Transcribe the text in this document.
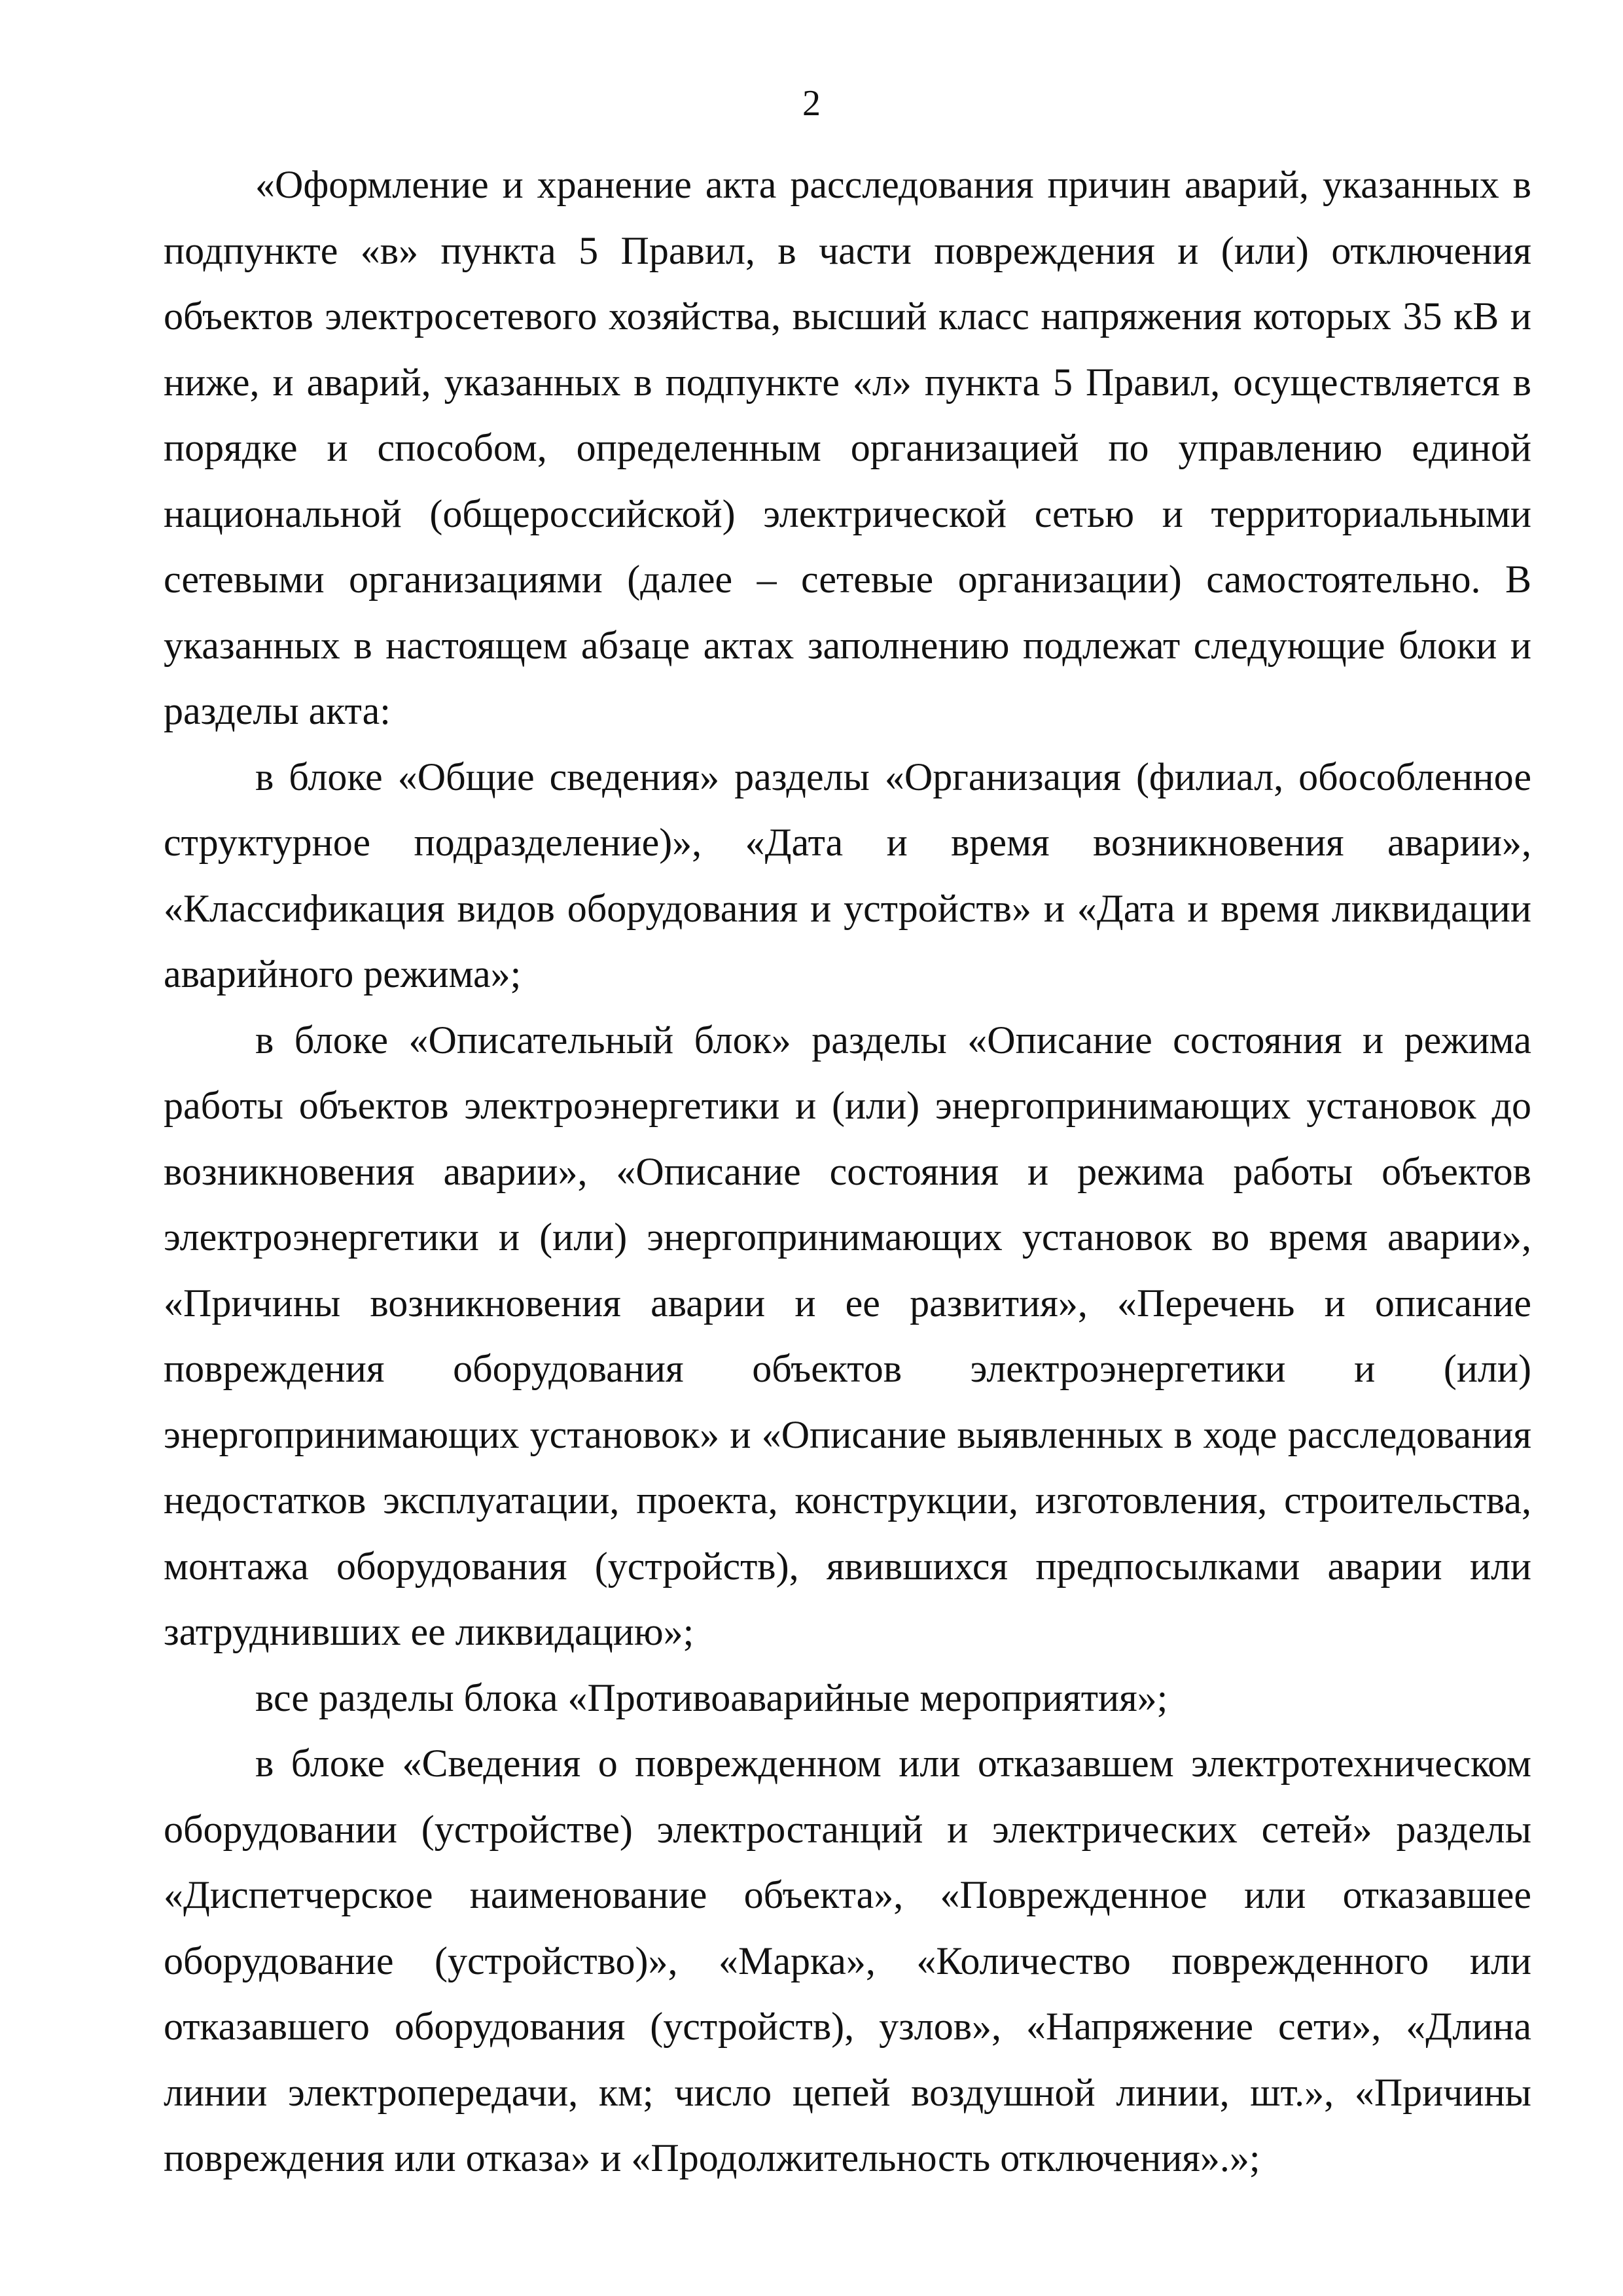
2

«Оформление и хранение акта расследования причин аварий, указанных в подпункте «в» пункта 5 Правил, в части повреждения и (или) отключения объектов электросетевого хозяйства, высший класс напряжения которых 35 кВ и ниже, и аварий, указанных в подпункте «л» пункта 5 Правил, осуществляется в порядке и способом, определенным организацией по управлению единой национальной (общероссийской) электрической сетью и территориальными сетевыми организациями (далее – сетевые организации) самостоятельно. В указанных в настоящем абзаце актах заполнению подлежат следующие блоки и разделы акта:

в блоке «Общие сведения» разделы «Организация (филиал, обособленное структурное подразделение)», «Дата и время возникновения аварии», «Классификация видов оборудования и устройств» и «Дата и время ликвидации аварийного режима»;

в блоке «Описательный блок» разделы «Описание состояния и режима работы объектов электроэнергетики и (или) энергопринимающих установок до возникновения аварии», «Описание состояния и режима работы объектов электроэнергетики и (или) энергопринимающих установок во время аварии», «Причины возникновения аварии и ее развития», «Перечень и описание повреждения оборудования объектов электроэнергетики и (или) энергопринимающих установок» и «Описание выявленных в ходе расследования недостатков эксплуатации, проекта, конструкции, изготовления, строительства, монтажа оборудования (устройств), явившихся предпосылками аварии или затруднивших ее ликвидацию»;

все разделы блока «Противоаварийные мероприятия»;

в блоке «Сведения о поврежденном или отказавшем электротехническом оборудовании (устройстве) электростанций и электрических сетей» разделы «Диспетчерское наименование объекта», «Поврежденное или отказавшее оборудование (устройство)», «Марка», «Количество поврежденного или отказавшего оборудования (устройств), узлов», «Напряжение сети», «Длина линии электропередачи, км; число цепей воздушной линии, шт.», «Причины повреждения или отказа» и «Продолжительность отключения».»;
